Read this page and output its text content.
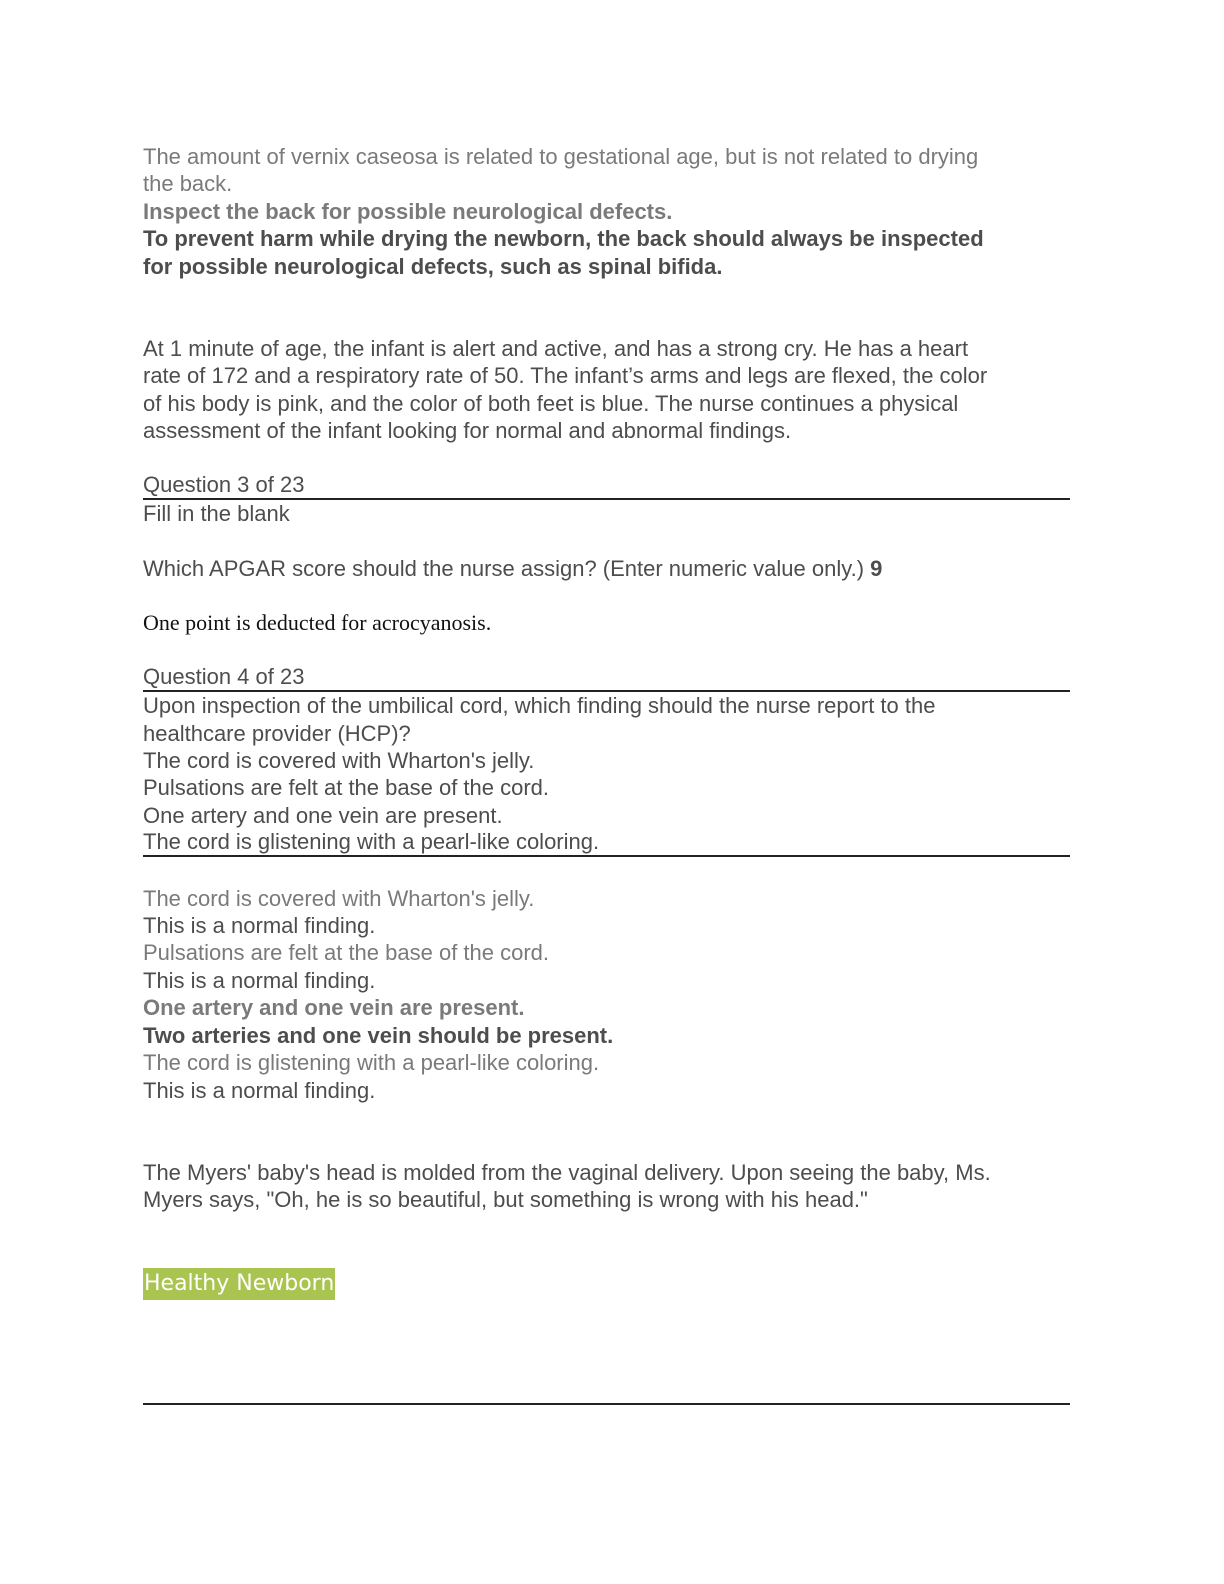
The amount of vernix caseosa is related to gestational age, but is not related to drying
the back.
Inspect the back for possible neurological defects.
To prevent harm while drying the newborn, the back should always be inspected
for possible neurological defects, such as spinal bifida.
At 1 minute of age, the infant is alert and active, and has a strong cry. He has a heart
rate of 172 and a respiratory rate of 50. The infant’s arms and legs are flexed, the color
of his body is pink, and the color of both feet is blue. The nurse continues a physical
assessment of the infant looking for normal and abnormal findings.
Question 3 of 23
Fill in the blank
Which APGAR score should the nurse assign? (Enter numeric value only.) 9
One point is deducted for acrocyanosis.
Question 4 of 23
Upon inspection of the umbilical cord, which finding should the nurse report to the
healthcare provider (HCP)?
The cord is covered with Wharton's jelly.
Pulsations are felt at the base of the cord.
One artery and one vein are present.
The cord is glistening with a pearl-like coloring.
The cord is covered with Wharton's jelly.
This is a normal finding.
Pulsations are felt at the base of the cord.
This is a normal finding.
One artery and one vein are present.
Two arteries and one vein should be present.
The cord is glistening with a pearl-like coloring.
This is a normal finding.
The Myers' baby's head is molded from the vaginal delivery. Upon seeing the baby, Ms.
Myers says, "Oh, he is so beautiful, but something is wrong with his head."
Healthy Newborn
